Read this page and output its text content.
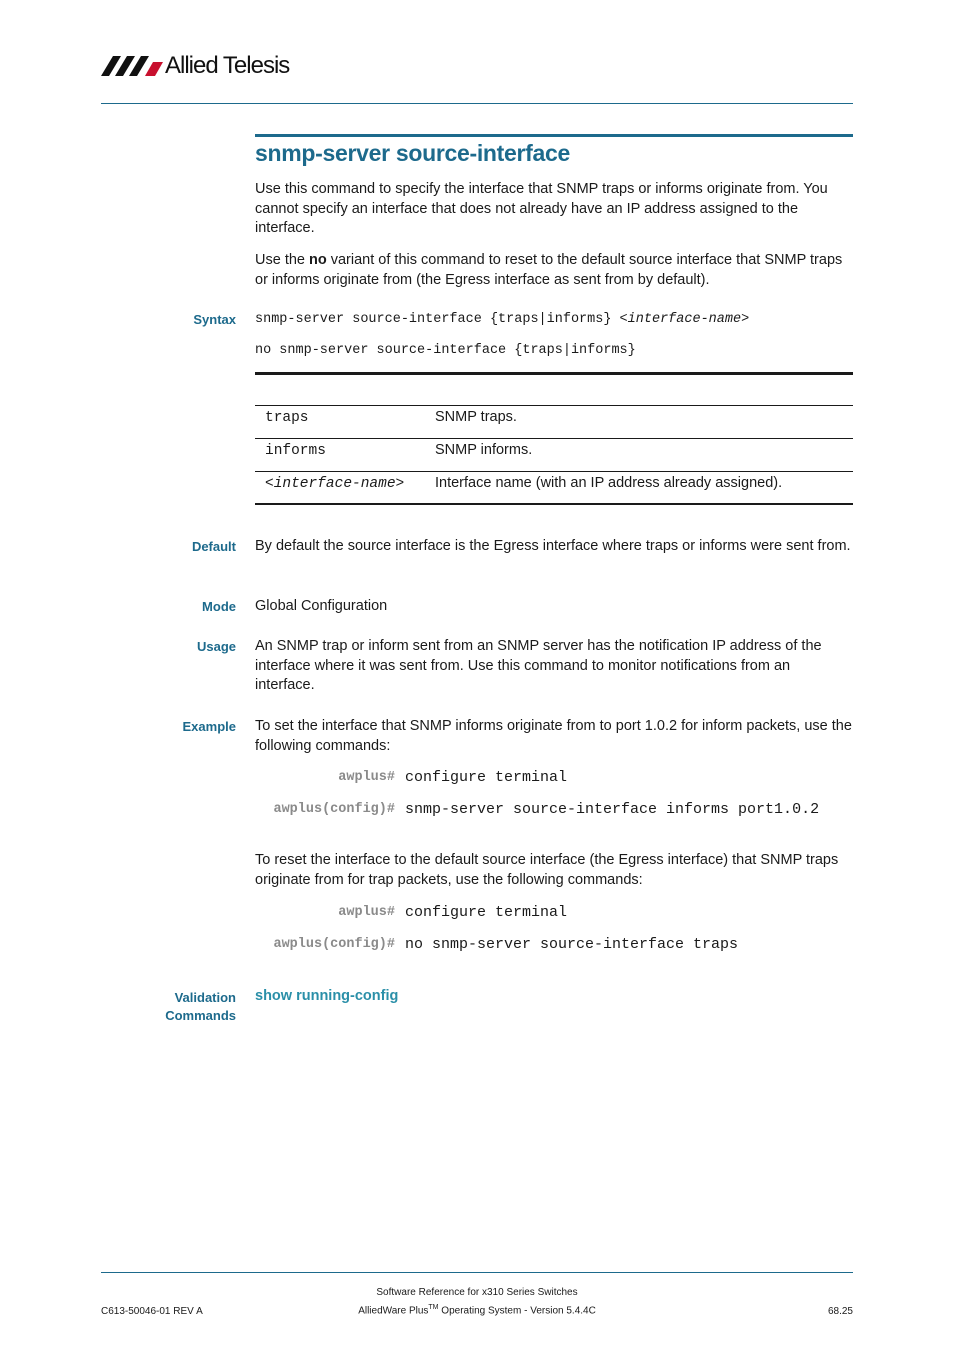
Allied Telesis
snmp-server source-interface
Use this command to specify the interface that SNMP traps or informs originate from. You cannot specify an interface that does not already have an IP address assigned to the interface.
Use the no variant of this command to reset to the default source interface that SNMP traps or informs originate from (the Egress interface as sent from by default).
Syntax snmp-server source-interface {traps|informs} <interface-name>
no snmp-server source-interface {traps|informs}
traps	SNMP traps.
informs	SNMP informs.
<interface-name> Interface name (with an IP address already assigned).
Default By default the source interface is the Egress interface where traps or informs were sent from.
Mode Global Configuration
Usage An SNMP trap or inform sent from an SNMP server has the notification IP address of the interface where it was sent from. Use this command to monitor notifications from an interface.
Example To set the interface that SNMP informs originate from to port 1.0.2 for inform packets, use the following commands:
awplus# configure terminal
awplus(config)# snmp-server source-interface informs port1.0.2
To reset the interface to the default source interface (the Egress interface) that SNMP traps originate from for trap packets, use the following commands:
awplus# configure terminal
awplus(config)# no snmp-server source-interface traps
Validation
Commands
show running-config
Software Reference for x310 Series Switches
C613-50046-01 REV A	AlliedWare Plus™ Operating System - Version 5.4.4C	68.25
